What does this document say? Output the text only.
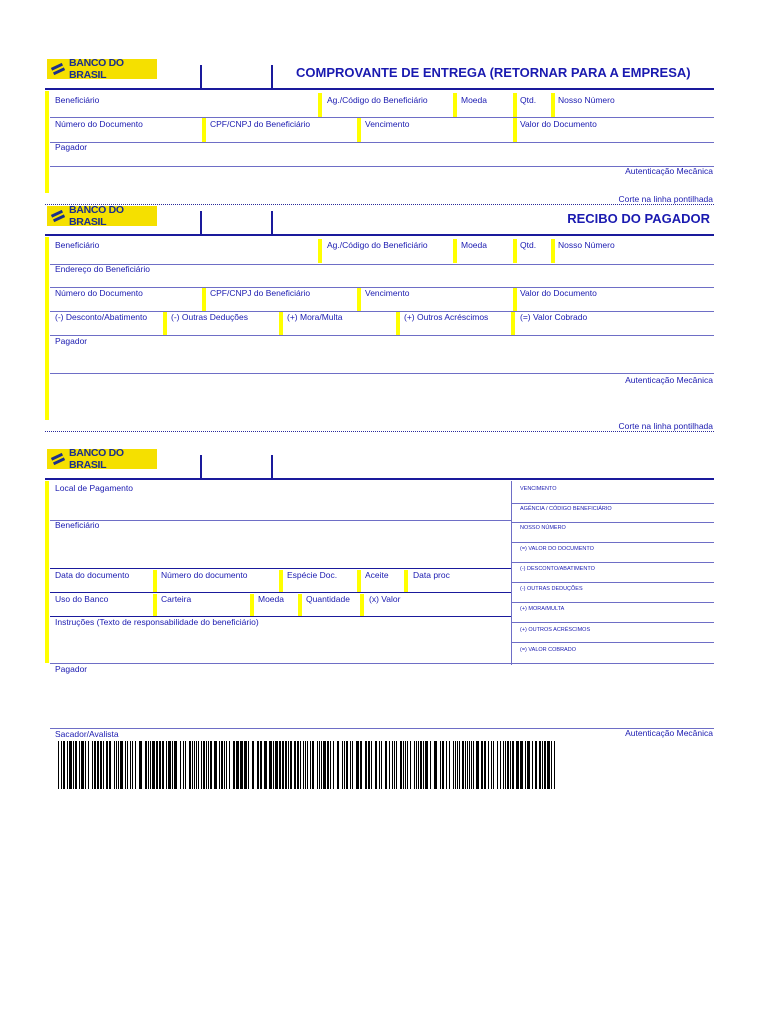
BANCO DO BRASIL	COMPROVANTE DE ENTREGA (RETORNAR PARA A EMPRESA)
Beneficiário	Ag./Código do Beneficiário	Moeda	Qtd.	Nosso Número
Número do Documento	CPF/CNPJ do Beneficiário	Vencimento	Valor do Documento
Pagador
Autenticação Mecânica
Corte na linha pontilhada
BANCO DO BRASIL	RECIBO DO PAGADOR
Beneficiário	Ag./Código do Beneficiário	Moeda	Qtd.	Nosso Número
Endereço do Beneficiário
Número do Documento	CPF/CNPJ do Beneficiário	Vencimento	Valor do Documento
(-) Desconto/Abatimento	(-) Outras Deduções	(+) Mora/Multa	(+) Outros Acréscimos	(=) Valor Cobrado
Pagador
Autenticação Mecânica
Corte na linha pontilhada
BANCO DO BRASIL
Local de Pagamento
Beneficiário
Data do documento	Número do documento	Espécie Doc.	Aceite	Data proc
Uso do Banco	Carteira	Moeda	Quantidade (x) Valor
Instruções (Texto de responsabilidade do beneficiário)
Pagador
Sacador/Avalista	Autenticação Mecânica
VENCIMENTO
AGÊNCIA / CÓDIGO BENEFICIÁRIO
NOSSO NÚMERO
(=) VALOR DO DOCUMENTO
(-) DESCONTO/ABATIMENTO
(-) OUTRAS DEDUÇÕES
(+) MORA/MULTA
(+) OUTROS ACRÉSCIMOS
(=) VALOR COBRADO
